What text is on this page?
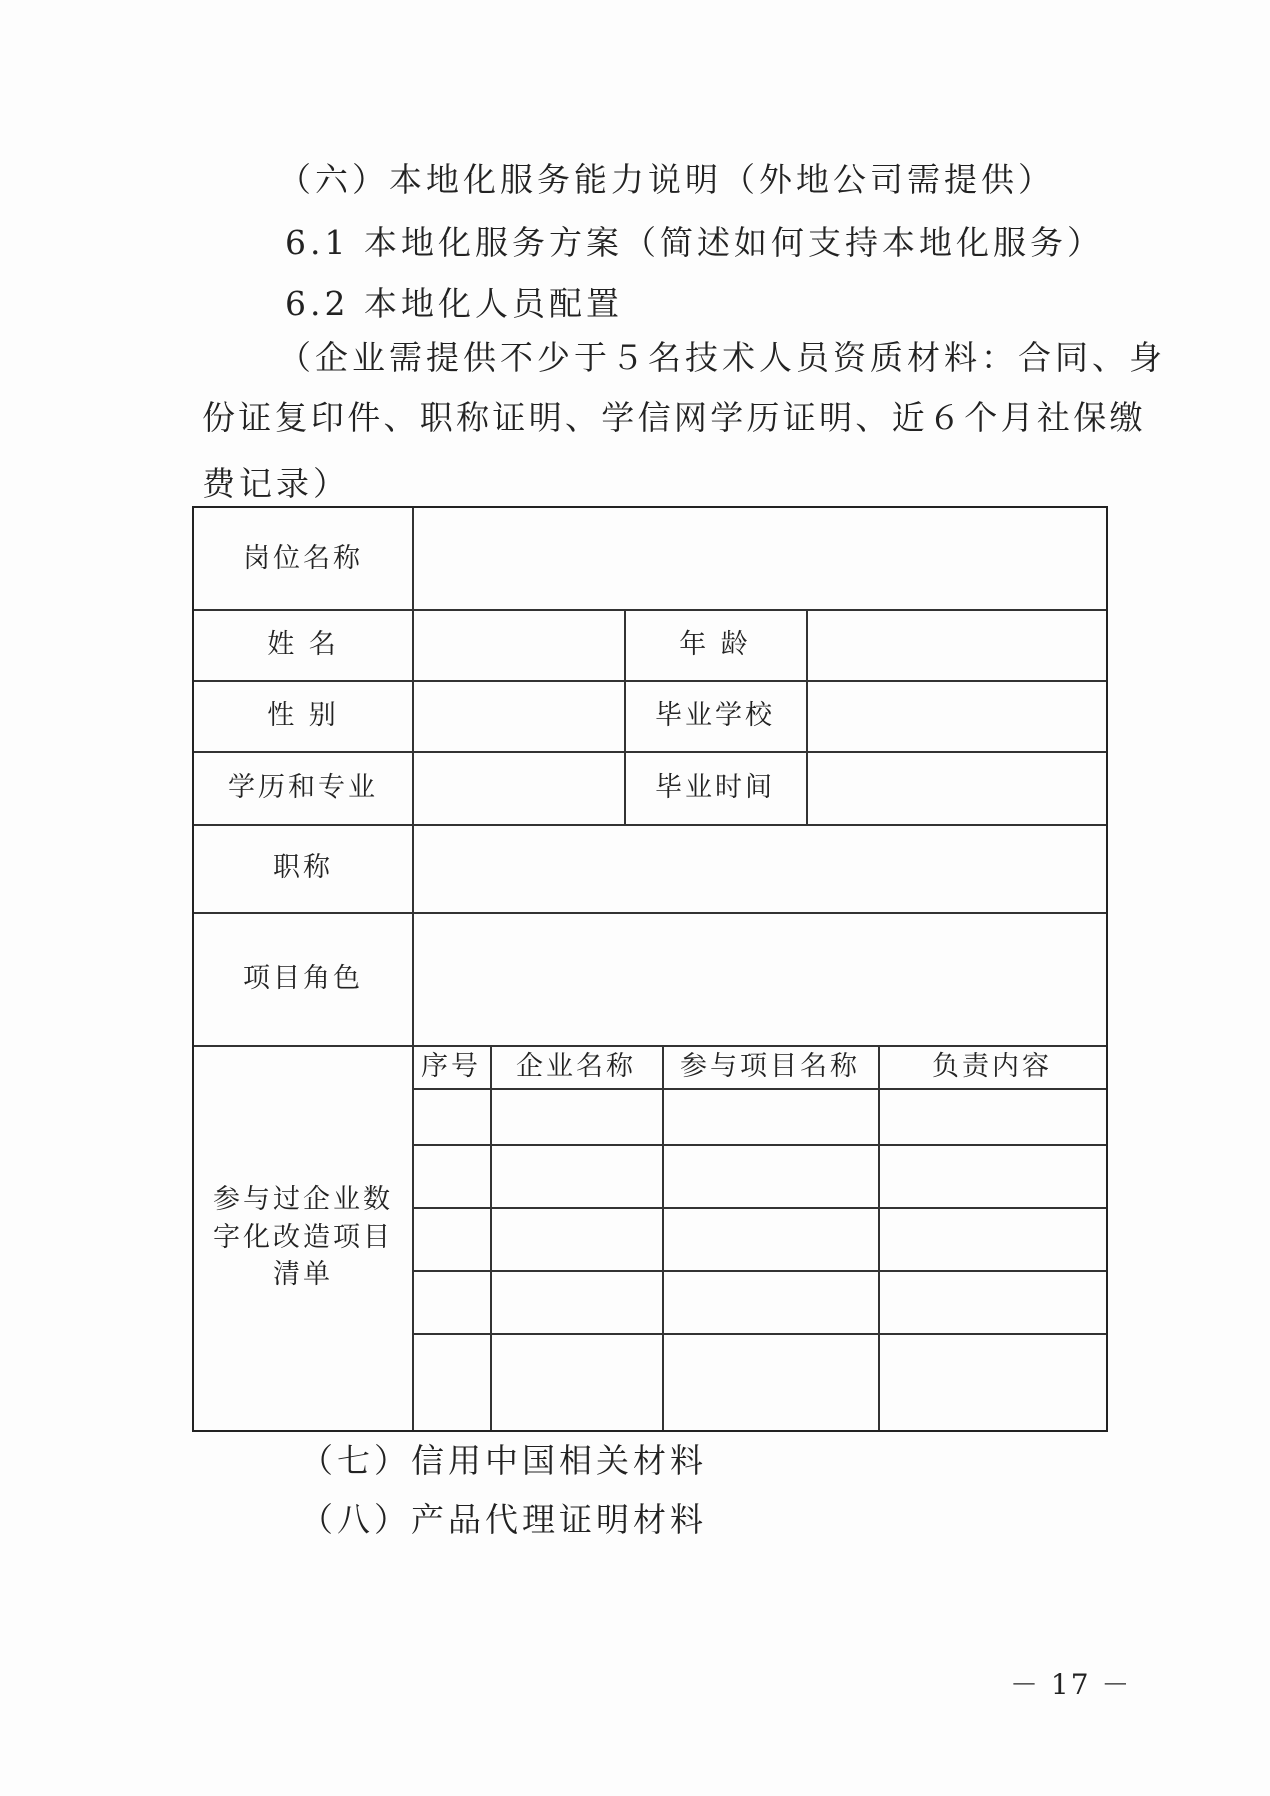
（六）本地化服务能力说明（外地公司需提供）
6.1 本地化服务方案（简述如何支持本地化服务）
6.2 本地化人员配置
（企业需提供不少于５名技术人员资质材料：合同、身
份证复印件、职称证明、学信网学历证明、近６个月社保缴
费记录）
岗位名称
姓 名	年 龄
性 别	毕业学校
学历和专业	毕业时间
职称
项目角色
参与过企业数字化改造项目清单
序号	企业名称	参与项目名称	负责内容
（七）信用中国相关材料
（八）产品代理证明材料
－ 17 －
